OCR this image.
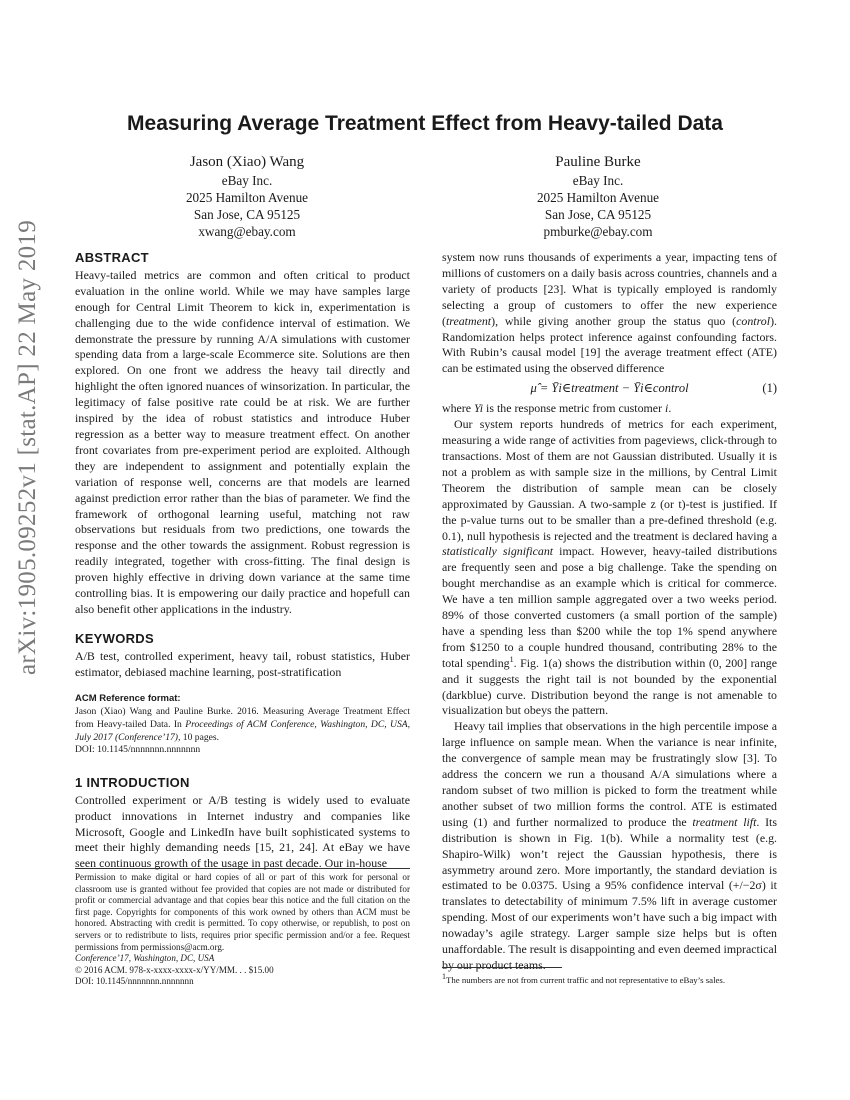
arXiv:1905.09252v1 [stat.AP] 22 May 2019
Measuring Average Treatment Effect from Heavy-tailed Data
Jason (Xiao) Wang
eBay Inc.
2025 Hamilton Avenue
San Jose, CA 95125
xwang@ebay.com
Pauline Burke
eBay Inc.
2025 Hamilton Avenue
San Jose, CA 95125
pmburke@ebay.com
ABSTRACT

Heavy-tailed metrics are common and often critical to product evaluation in the online world. While we may have samples large enough for Central Limit Theorem to kick in, experimentation is challenging due to the wide confidence interval of estimation. We demonstrate the pressure by running A/A simulations with customer spending data from a large-scale Ecommerce site. Solutions are then explored. On one front we address the heavy tail directly and highlight the often ignored nuances of winsorization. In particular, the legitimacy of false positive rate could be at risk. We are further inspired by the idea of robust statistics and introduce Huber regression as a better way to measure treatment effect. On another front covariates from pre-experiment period are exploited. Although they are independent to assignment and potentially explain the variation of response well, concerns are that models are learned against prediction error rather than the bias of parameter. We find the framework of orthogonal learning useful, matching not raw observations but residuals from two predictions, one towards the response and the other towards the assignment. Robust regression is readily integrated, together with cross-fitting. The final design is proven highly effective in driving down variance at the same time controlling bias. It is empowering our daily practice and hopefull can also benefit other applications in the industry.

KEYWORDS

A/B test, controlled experiment, heavy tail, robust statistics, Huber estimator, debiased machine learning, post-stratification

ACM Reference format:

Jason (Xiao) Wang and Pauline Burke. 2016. Measuring Average Treatment Effect from Heavy-tailed Data. In Proceedings of ACM Conference, Washington, DC, USA, July 2017 (Conference’17), 10 pages.

DOI: 10.1145/nnnnnnn.nnnnnnn

1 INTRODUCTION

Controlled experiment or A/B testing is widely used to evaluate product innovations in Internet industry and companies like Microsoft, Google and LinkedIn have built sophisticated systems to meet their highly demanding needs [15, 21, 24]. At eBay we have seen continuous growth of the usage in past decade. Our in-house

Permission to make digital or hard copies of all or part of this work for personal or classroom use is granted without fee provided that copies are not made or distributed for profit or commercial advantage and that copies bear this notice and the full citation on the first page. Copyrights for components of this work owned by others than ACM must be honored. Abstracting with credit is permitted. To copy otherwise, or republish, to post on servers or to redistribute to lists, requires prior specific permission and/or a fee. Request permissions from permissions@acm.org.

Conference’17, Washington, DC, USA

© 2016 ACM. 978-x-xxxx-xxxx-x/YY/MM. . . $15.00

DOI: 10.1145/nnnnnnn.nnnnnnn

system now runs thousands of experiments a year, impacting tens of millions of customers on a daily basis across countries, channels and a variety of products [23]. What is typically employed is randomly selecting a group of customers to offer the new experience (treatment), while giving another group the status quo (control). Randomization helps protect inference against confounding factors. With Rubin’s causal model [19] the average treatment effect (ATE) can be estimated using the observed difference

μ̂ = Ȳi∈treatment − Ȳi∈control	(1)

where Yi is the response metric from customer i.

Our system reports hundreds of metrics for each experiment, measuring a wide range of activities from pageviews, click-through to transactions. Most of them are not Gaussian distributed. Usually it is not a problem as with sample size in the millions, by Central Limit Theorem the distribution of sample mean can be closely approximated by Gaussian. A two-sample z (or t)-test is justified. If the p-value turns out to be smaller than a pre-defined threshold (e.g. 0.1), null hypothesis is rejected and the treatment is declared having a statistically significant impact. However, heavy-tailed distributions are frequently seen and pose a big challenge. Take the spending on bought merchandise as an example which is critical for commerce. We have a ten million sample aggregated over a two weeks period. 89% of those converted customers (a small portion of the sample) have a spending less than $200 while the top 1% spend anywhere from $1250 to a couple hundred thousand, contributing 28% to the total spending$^1$. Fig. 1(a) shows the distribution within (0, 200] range and it suggests the right tail is not bounded by the exponential (darkblue) curve. Distribution beyond the range is not amenable to visualization but obeys the pattern.

Heavy tail implies that observations in the high percentile impose a large influence on sample mean. When the variance is near infinite, the convergence of sample mean may be frustratingly slow [3]. To address the concern we run a thousand A/A simulations where a random subset of two million is picked to form the treatment while another subset of two million forms the control. ATE is estimated using (1) and further normalized to produce the treatment lift. Its distribution is shown in Fig. 1(b). While a normality test (e.g. Shapiro-Wilk) won’t reject the Gaussian hypothesis, there is asymmetry around zero. More importantly, the standard deviation is estimated to be 0.0375. Using a 95% confidence interval (+/−2σ) it translates to detectability of minimum 7.5% lift in average customer spending. Most of our experiments won’t have such a big impact with nowaday’s agile strategy. Larger sample size helps but is often unaffordable. The result is disappointing and even deemed impractical by our product teams.

$^1$The numbers are not from current traffic and not representative to eBay’s sales.
